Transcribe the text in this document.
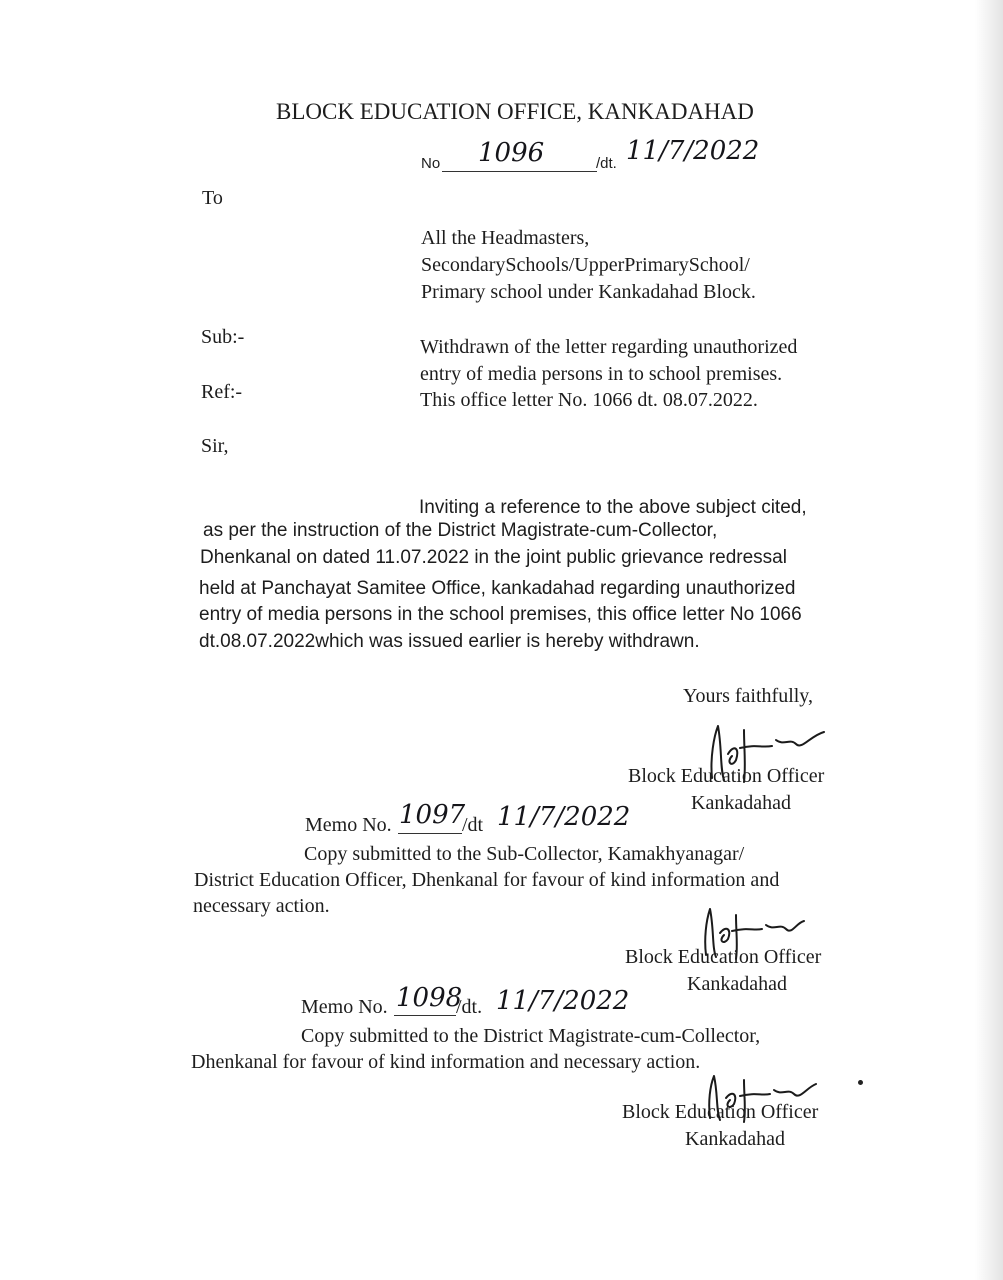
BLOCK EDUCATION OFFICE, KANKADAHAD
No 1096	/dt. 11/7/2022
To
All the Headmasters,
SecondarySchools/UpperPrimarySchool/
Primary school under Kankadahad Block.
Sub:-	Withdrawn of the letter regarding unauthorized
entry of media persons in to school premises.
Ref:-	This office letter No. 1066 dt. 08.07.2022.
Sir,
Inviting a reference to the above subject cited,
as per the instruction of the District Magistrate-cum-Collector,
Dhenkanal on dated 11.07.2022 in the joint public grievance redressal
held at Panchayat Samitee Office, kankadahad regarding unauthorized
entry of media persons in the school premises, this office letter No 1066
dt.08.07.2022which was issued earlier is hereby withdrawn.
Yours faithfully,
Block Education Officer
Kankadahad
Memo No. 1097
/dt 11/7/2022
Copy submitted to the Sub-Collector, Kamakhyanagar/
District Education Officer, Dhenkanal for favour of kind information and
necessary action.
Block Education Officer
Kankadahad
Memo No. 1098
/dt. 11/7/2022
Copy submitted to the District Magistrate-cum-Collector,
Dhenkanal for favour of kind information and necessary action.
Block Education Officer
Kankadahad
